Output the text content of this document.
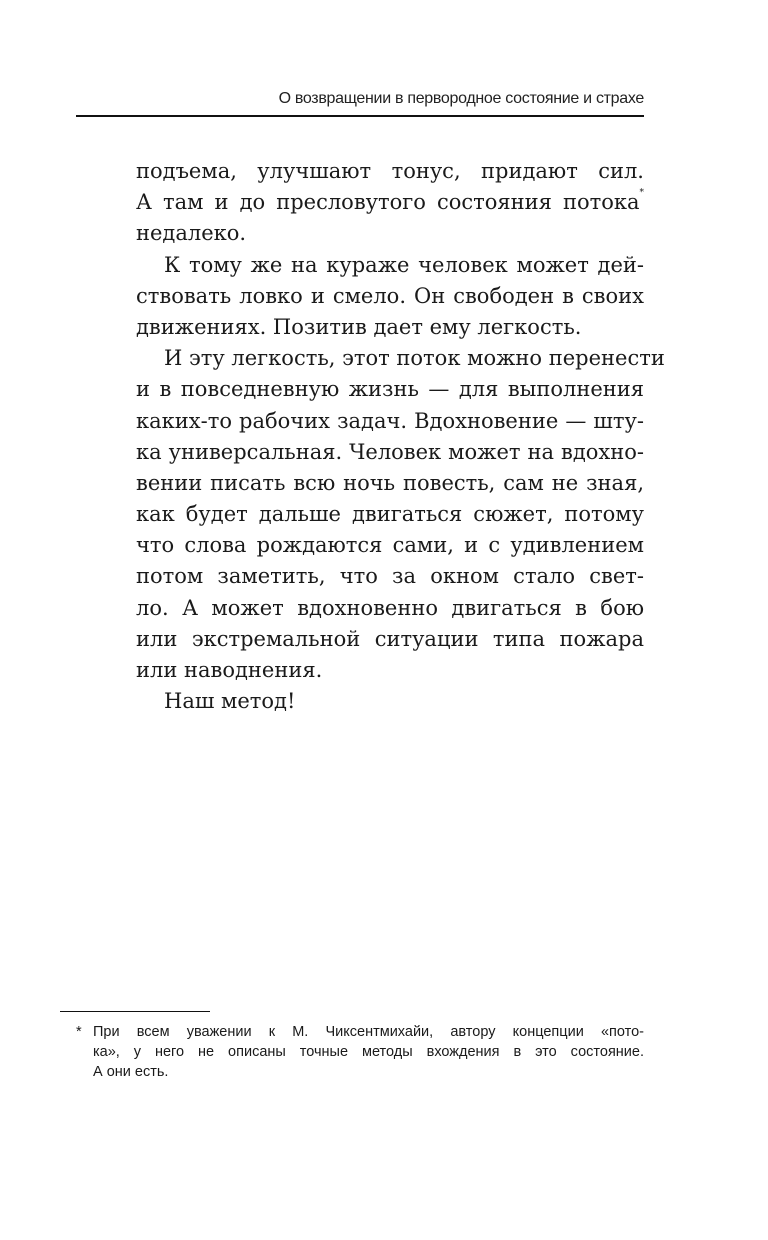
О возвращении в первородное состояние и страхе

подъема, улучшают тонус, придают сил.
А там и до пресловутого состояния потока*
недалеко.

К тому же на кураже человек может дей-
ствовать ловко и смело. Он свободен в своих
движениях. Позитив дает ему легкость.

И эту легкость, этот поток можно перенести
и в повседневную жизнь — для выполнения
каких-то рабочих задач. Вдохновение — шту-
ка универсальная. Человек может на вдохно-
вении писать всю ночь повесть, сам не зная,
как будет дальше двигаться сюжет, потому
что слова рождаются сами, и с удивлением
потом заметить, что за окном стало свет-
ло. А может вдохновенно двигаться в бою
или экстремальной ситуации типа пожара
или наводнения.

Наш метод!

* При всем уважении к М. Чиксентмихайи, автору концепции «пото-
ка», у него не описаны точные методы вхождения в это состояние.
А они есть.
